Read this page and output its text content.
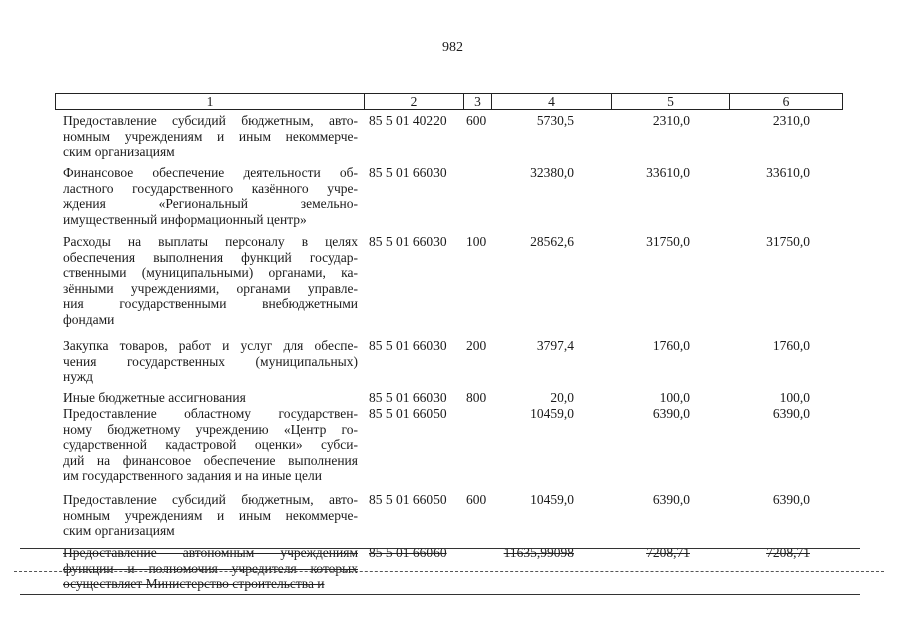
982
1	2	3	4	5	6
Предоставление субсидий бюджетным, авто-
номным учреждениям и иным некоммерче-
ским организациям
85 5 01 40220 600	5730,5	2310,0	2310,0
Финансовое обеспечение деятельности об-
ластного государственного казённого учре-
ждения «Региональный земельно-
имущественный информационный центр»
85 5 01 66030	32380,0	33610,0	33610,0
Расходы на выплаты персоналу в целях
обеспечения выполнения функций государ-
ственными (муниципальными) органами, ка-
зёнными учреждениями, органами управле-
ния государственными внебюджетными
фондами
85 5 01 66030 100	28562,6	31750,0	31750,0
Закупка товаров, работ и услуг для обеспе-
чения государственных (муниципальных)
нужд
85 5 01 66030 200	3797,4	1760,0	1760,0
Иные бюджетные ассигнования	85 5 01 66030 800	20,0	100,0	100,0
Предоставление областному государствен-
ному бюджетному учреждению «Центр го-
сударственной кадастровой оценки» субси-
дий на финансовое обеспечение выполнения
им государственного задания и на иные цели
85 5 01 66050	10459,0	6390,0	6390,0
Предоставление субсидий бюджетным, авто-
номным учреждениям и иным некоммерче-
ским организациям
85 5 01 66050 600	10459,0	6390,0	6390,0
Предоставление автономным учреждениям
функции и полномочия учредителя которых
осуществляет Министерство строительства и
85 5 01 66060	11635,99098	7208,71	7208,71
